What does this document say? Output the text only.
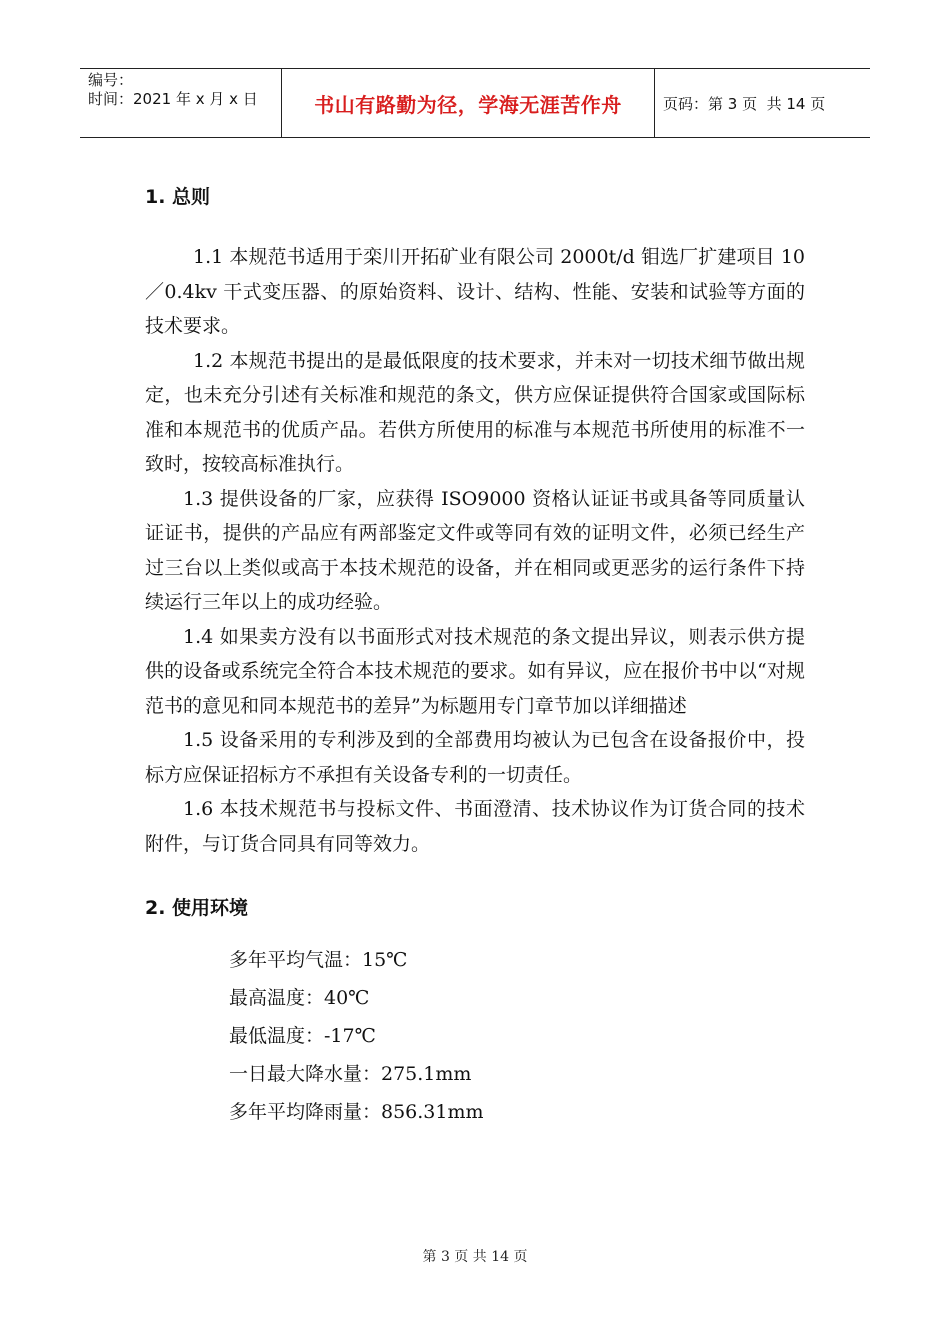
编号：
时间：2021 年 x 月 x 日	书山有路勤为径，学海无涯苦作舟	页码：第 3 页  共 14 页
1. 总则

1.1 本规范书适用于栾川开拓矿业有限公司 2000t/d 钼选厂扩建项目 10／0.4kv 干式变压器、的原始资料、设计、结构、性能、安装和试验等方面的技术要求。

1.2 本规范书提出的是最低限度的技术要求，并未对一切技术细节做出规定，也未充分引述有关标准和规范的条文，供方应保证提供符合国家或国际标准和本规范书的优质产品。若供方所使用的标准与本规范书所使用的标准不一致时，按较高标准执行。

1.3 提供设备的厂家，应获得 ISO9000 资格认证证书或具备等同质量认证证书，提供的产品应有两部鉴定文件或等同有效的证明文件，必须已经生产过三台以上类似或高于本技术规范的设备，并在相同或更恶劣的运行条件下持续运行三年以上的成功经验。

1.4 如果卖方没有以书面形式对技术规范的条文提出异议，则表示供方提供的设备或系统完全符合本技术规范的要求。如有异议，应在报价书中以“对规范书的意见和同本规范书的差异”为标题用专门章节加以详细描述

1.5 设备采用的专利涉及到的全部费用均被认为已包含在设备报价中，投标方应保证招标方不承担有关设备专利的一切责任。

1.6 本技术规范书与投标文件、书面澄清、技术协议作为订货合同的技术附件，与订货合同具有同等效力。

2. 使用环境
多年平均气温：15℃
最高温度：40℃
最低温度：-17℃
一日最大降水量：275.1mm
多年平均降雨量：856.31mm
第 3 页 共 14 页
